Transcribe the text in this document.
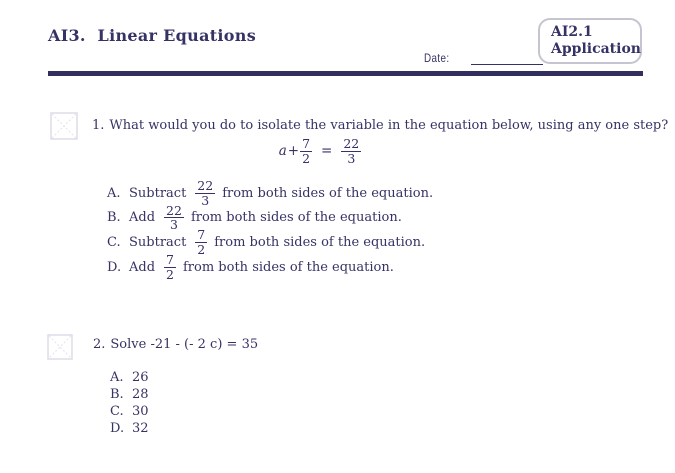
AI3.  Linear Equations
Date:
AI2.1
Application
1. What would you do to isolate the variable in the equation below, using any one step?
$a + \frac{7}{2} = \frac{22}{3}$
A. Subtract $\frac{22}{3}$ from both sides of the equation.
B. Add $\frac{22}{3}$ from both sides of the equation.
C. Subtract $\frac{7}{2}$ from both sides of the equation.
D. Add $\frac{7}{2}$ from both sides of the equation.
2. Solve -21 - (- 2 c) = 35
A. 26
B. 28
C. 30
D. 32
